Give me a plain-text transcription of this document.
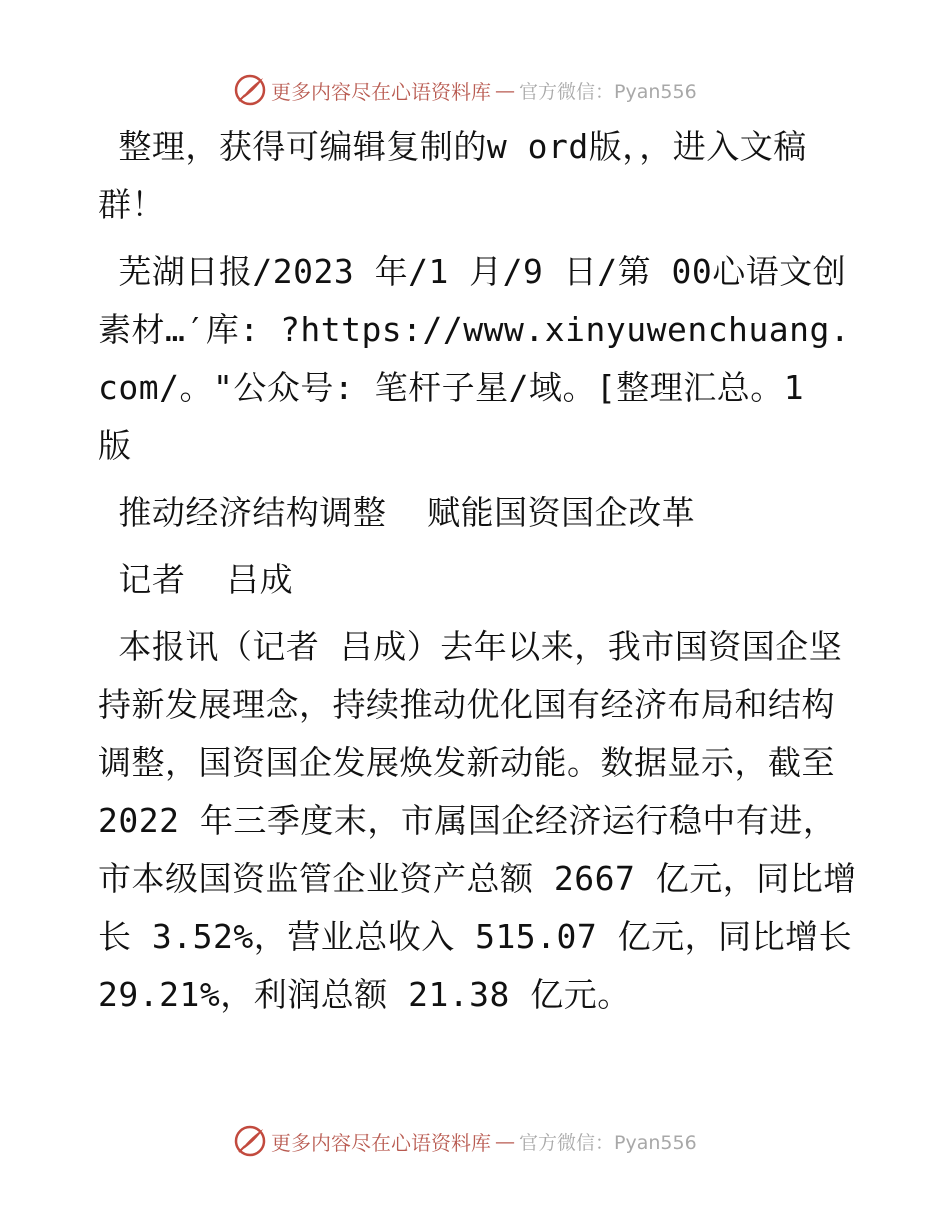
更多内容尽在心语资料库 — 官方微信：Pyan556

整理，获得可编辑复制的w ord版，，进入文稿群！

芜湖日报/2023 年/1 月/9 日/第 00心语文创素材…′库: ?https://www.xinyuwenchuang.com/。"公众号: 笔杆子星/域。[整理汇总。1 版

推动经济结构调整  赋能国资国企改革

记者  吕成

本报讯（记者 吕成）去年以来，我市国资国企坚持新发展理念，持续推动优化国有经济布局和结构调整，国资国企发展焕发新动能。数据显示，截至 2022 年三季度末，市属国企经济运行稳中有进，市本级国资监管企业资产总额 2667 亿元，同比增长 3.52%，营业总收入 515.07 亿元，同比增长 29.21%，利润总额 21.38 亿元。

更多内容尽在心语资料库 — 官方微信：Pyan556
